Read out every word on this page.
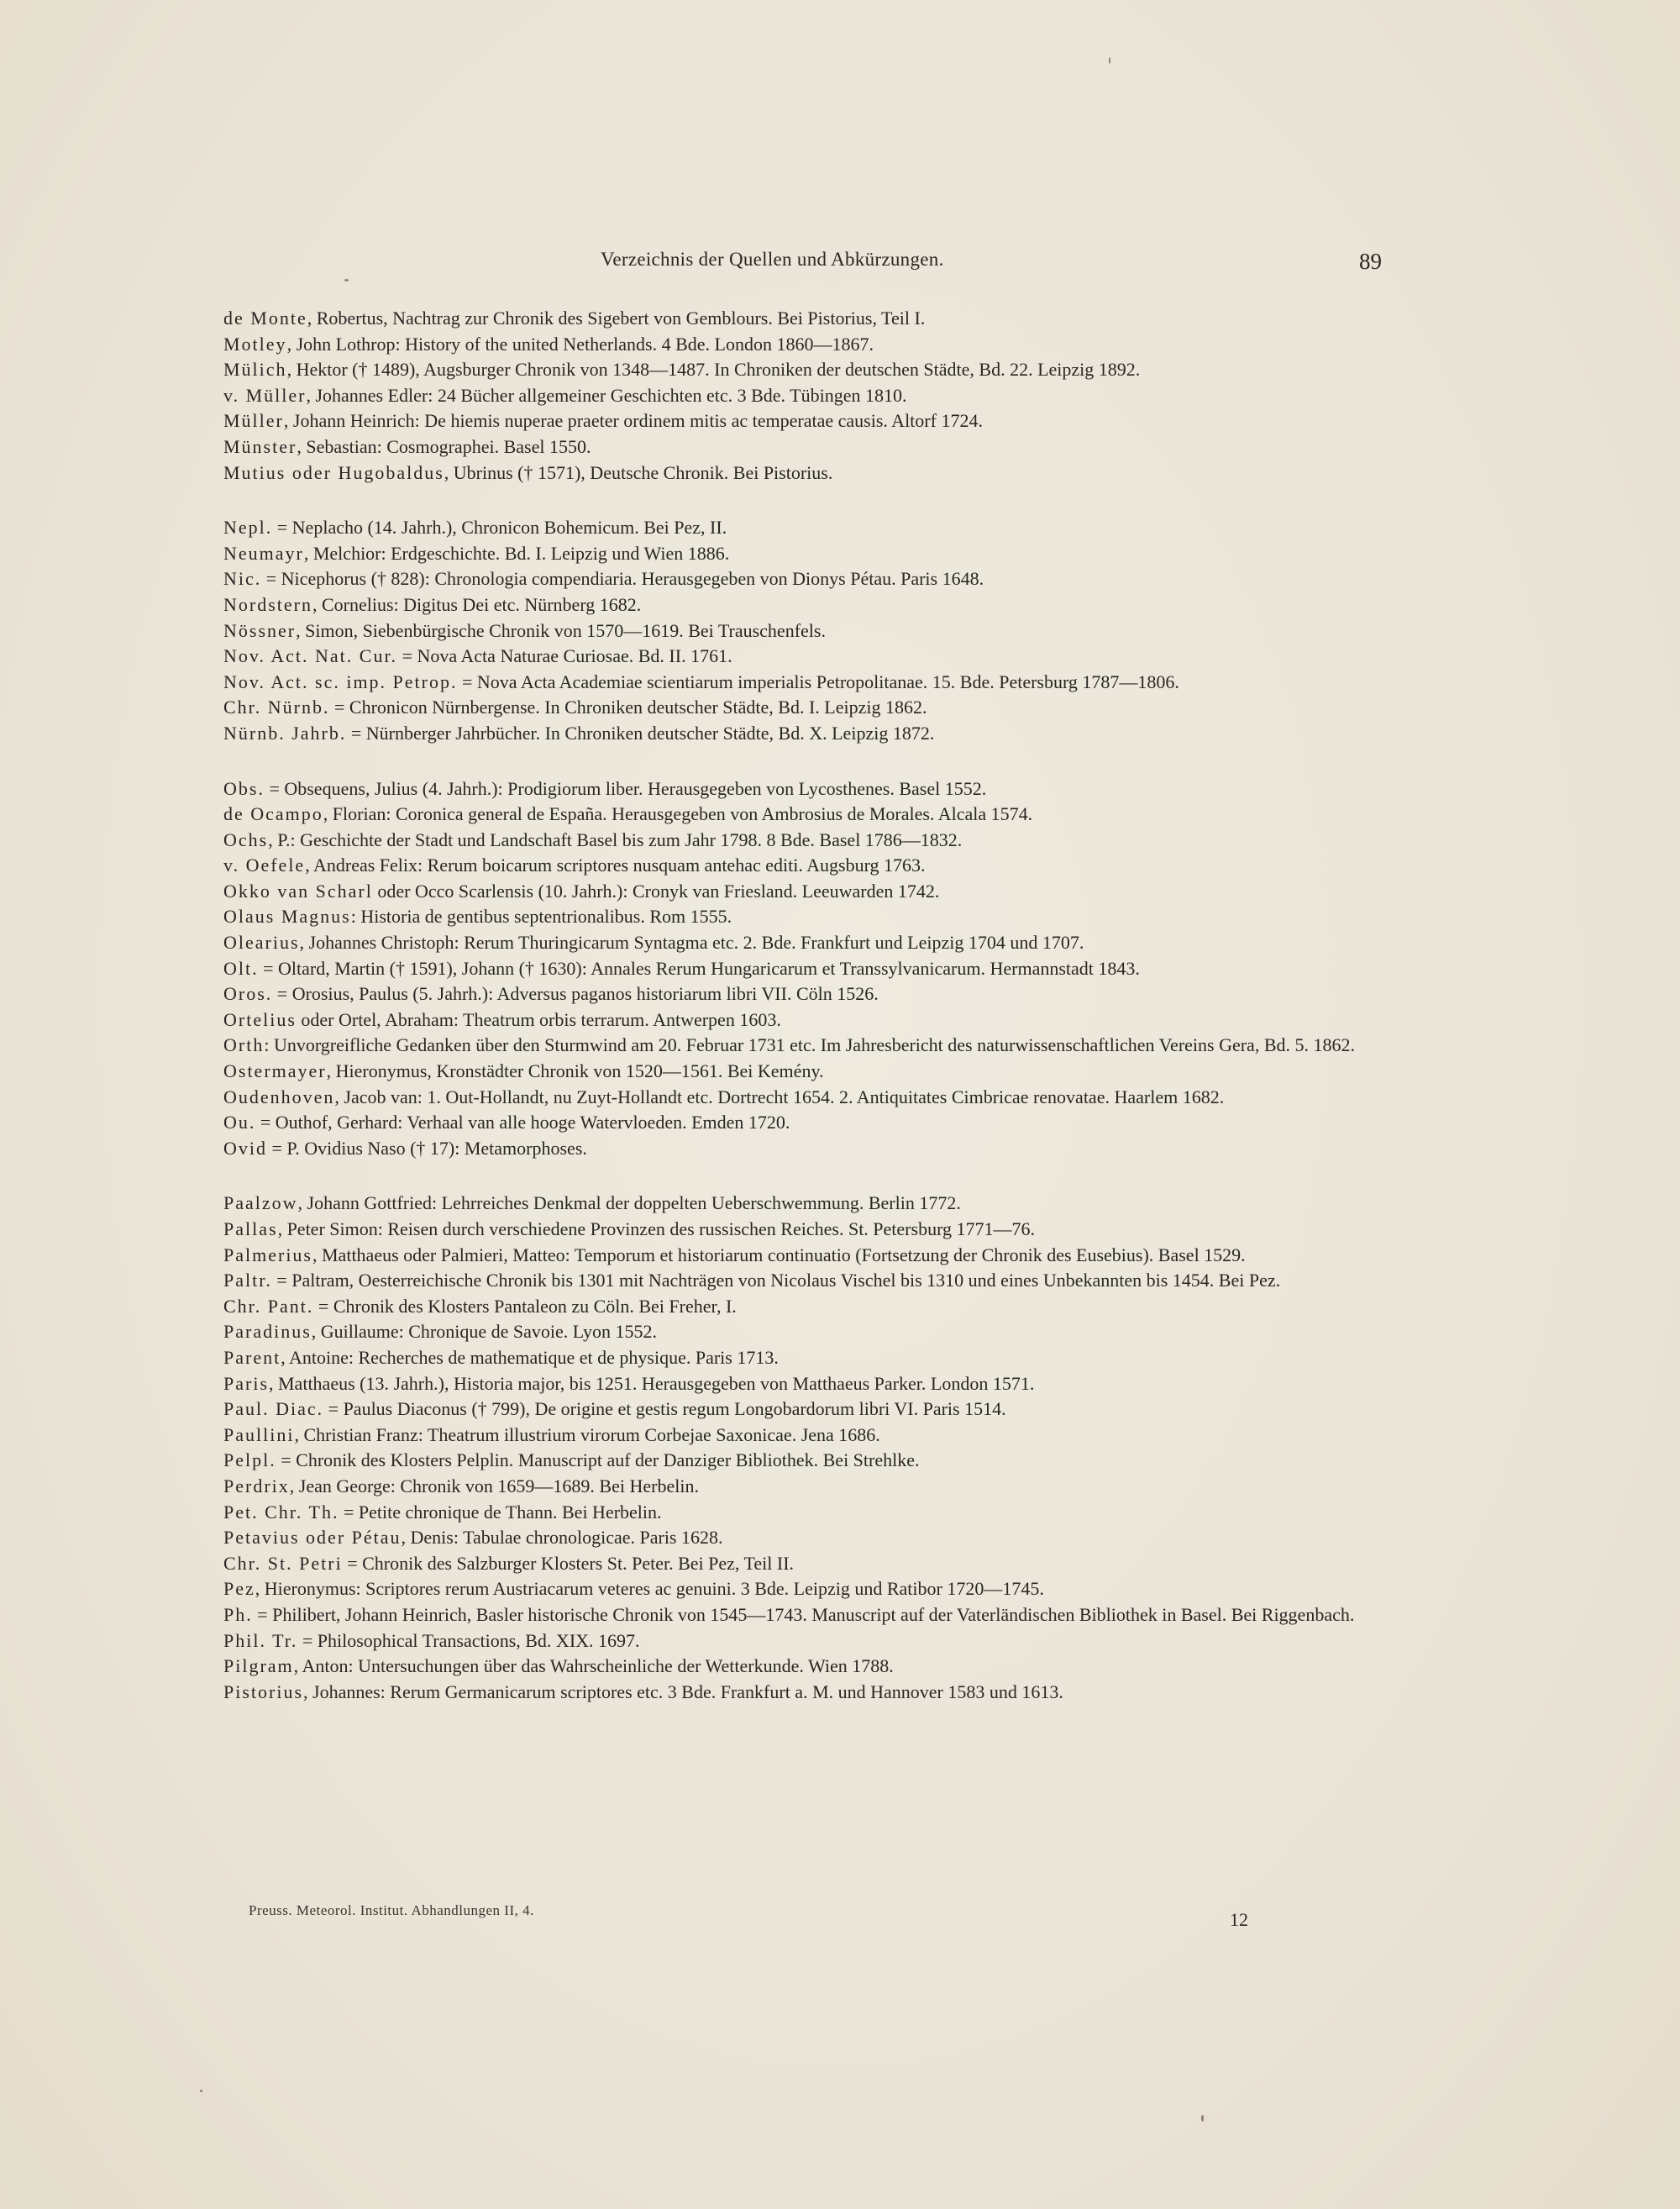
Verzeichnis der Quellen und Abkürzungen.	89
de Monte, Robertus, Nachtrag zur Chronik des Sigebert von Gemblours. Bei Pistorius, Teil I.
Motley, John Lothrop: History of the united Netherlands. 4 Bde. London 1860—1867.
Mülich, Hektor († 1489), Augsburger Chronik von 1348—1487. In Chroniken der deutschen Städte, Bd. 22. Leipzig 1892.
v. Müller, Johannes Edler: 24 Bücher allgemeiner Geschichten etc. 3 Bde. Tübingen 1810.
Müller, Johann Heinrich: De hiemis nuperae praeter ordinem mitis ac temperatae causis. Altorf 1724.
Münster, Sebastian: Cosmographei. Basel 1550.
Mutius oder Hugobaldus, Ubrinus († 1571), Deutsche Chronik. Bei Pistorius.
Nepl. = Neplacho (14. Jahrh.), Chronicon Bohemicum. Bei Pez, II.
Neumayr, Melchior: Erdgeschichte. Bd. I. Leipzig und Wien 1886.
Nic. = Nicephorus († 828): Chronologia compendiaria. Herausgegeben von Dionys Pétau. Paris 1648.
Nordstern, Cornelius: Digitus Dei etc. Nürnberg 1682.
Nössner, Simon, Siebenbürgische Chronik von 1570—1619. Bei Trauschenfels.
Nov. Act. Nat. Cur. = Nova Acta Naturae Curiosae. Bd. II. 1761.
Nov. Act. sc. imp. Petrop. = Nova Acta Academiae scientiarum imperialis Petropolitanae. 15. Bde. Petersburg 1787—1806.
Chr. Nürnb. = Chronicon Nürnbergense. In Chroniken deutscher Städte, Bd. I. Leipzig 1862.
Nürnb. Jahrb. = Nürnberger Jahrbücher. In Chroniken deutscher Städte, Bd. X. Leipzig 1872.
Obs. = Obsequens, Julius (4. Jahrh.): Prodigiorum liber. Herausgegeben von Lycosthenes. Basel 1552.
de Ocampo, Florian: Coronica general de España. Herausgegeben von Ambrosius de Morales. Alcala 1574.
Ochs, P.: Geschichte der Stadt und Landschaft Basel bis zum Jahr 1798. 8 Bde. Basel 1786—1832.
v. Oefele, Andreas Felix: Rerum boicarum scriptores nusquam antehac editi. Augsburg 1763.
Okko van Scharl oder Occo Scarlensis (10. Jahrh.): Cronyk van Friesland. Leeuwarden 1742.
Olaus Magnus: Historia de gentibus septentrionalibus. Rom 1555.
Olearius, Johannes Christoph: Rerum Thuringicarum Syntagma etc. 2. Bde. Frankfurt und Leipzig 1704 und 1707.
Olt. = Oltard, Martin († 1591), Johann († 1630): Annales Rerum Hungaricarum et Transsylvanicarum. Hermannstadt 1843.
Oros. = Orosius, Paulus (5. Jahrh.): Adversus paganos historiarum libri VII. Cöln 1526.
Ortelius oder Ortel, Abraham: Theatrum orbis terrarum. Antwerpen 1603.
Orth: Unvorgreifliche Gedanken über den Sturmwind am 20. Februar 1731 etc. Im Jahresbericht des naturwissenschaftlichen Vereins Gera, Bd. 5. 1862.
Ostermayer, Hieronymus, Kronstädter Chronik von 1520—1561. Bei Kemény.
Oudenhoven, Jacob van: 1. Out-Hollandt, nu Zuyt-Hollandt etc. Dortrecht 1654. 2. Antiquitates Cimbricae renovatae. Haarlem 1682.
Ou. = Outhof, Gerhard: Verhaal van alle hooge Watervloeden. Emden 1720.
Ovid = P. Ovidius Naso († 17): Metamorphoses.
Paalzow, Johann Gottfried: Lehrreiches Denkmal der doppelten Ueberschwemmung. Berlin 1772.
Pallas, Peter Simon: Reisen durch verschiedene Provinzen des russischen Reiches. St. Petersburg 1771—76.
Palmerius, Matthaeus oder Palmieri, Matteo: Temporum et historiarum continuatio (Fortsetzung der Chronik des Eusebius). Basel 1529.
Paltr. = Paltram, Oesterreichische Chronik bis 1301 mit Nachträgen von Nicolaus Vischel bis 1310 und eines Unbekannten bis 1454. Bei Pez.
Chr. Pant. = Chronik des Klosters Pantaleon zu Cöln. Bei Freher, I.
Paradinus, Guillaume: Chronique de Savoie. Lyon 1552.
Parent, Antoine: Recherches de mathematique et de physique. Paris 1713.
Paris, Matthaeus (13. Jahrh.), Historia major, bis 1251. Herausgegeben von Matthaeus Parker. London 1571.
Paul. Diac. = Paulus Diaconus († 799), De origine et gestis regum Longobardorum libri VI. Paris 1514.
Paullini, Christian Franz: Theatrum illustrium virorum Corbejae Saxonicae. Jena 1686.
Pelpl. = Chronik des Klosters Pelplin. Manuscript auf der Danziger Bibliothek. Bei Strehlke.
Perdrix, Jean George: Chronik von 1659—1689. Bei Herbelin.
Pet. Chr. Th. = Petite chronique de Thann. Bei Herbelin.
Petavius oder Pétau, Denis: Tabulae chronologicae. Paris 1628.
Chr. St. Petri = Chronik des Salzburger Klosters St. Peter. Bei Pez, Teil II.
Pez, Hieronymus: Scriptores rerum Austriacarum veteres ac genuini. 3 Bde. Leipzig und Ratibor 1720—1745.
Ph. = Philibert, Johann Heinrich, Basler historische Chronik von 1545—1743. Manuscript auf der Vaterländischen Bibliothek in Basel. Bei Riggenbach.
Phil. Tr. = Philosophical Transactions, Bd. XIX. 1697.
Pilgram, Anton: Untersuchungen über das Wahrscheinliche der Wetterkunde. Wien 1788.
Pistorius, Johannes: Rerum Germanicarum scriptores etc. 3 Bde. Frankfurt a. M. und Hannover 1583 und 1613.
Preuss. Meteorol. Institut. Abhandlungen II, 4.	12
